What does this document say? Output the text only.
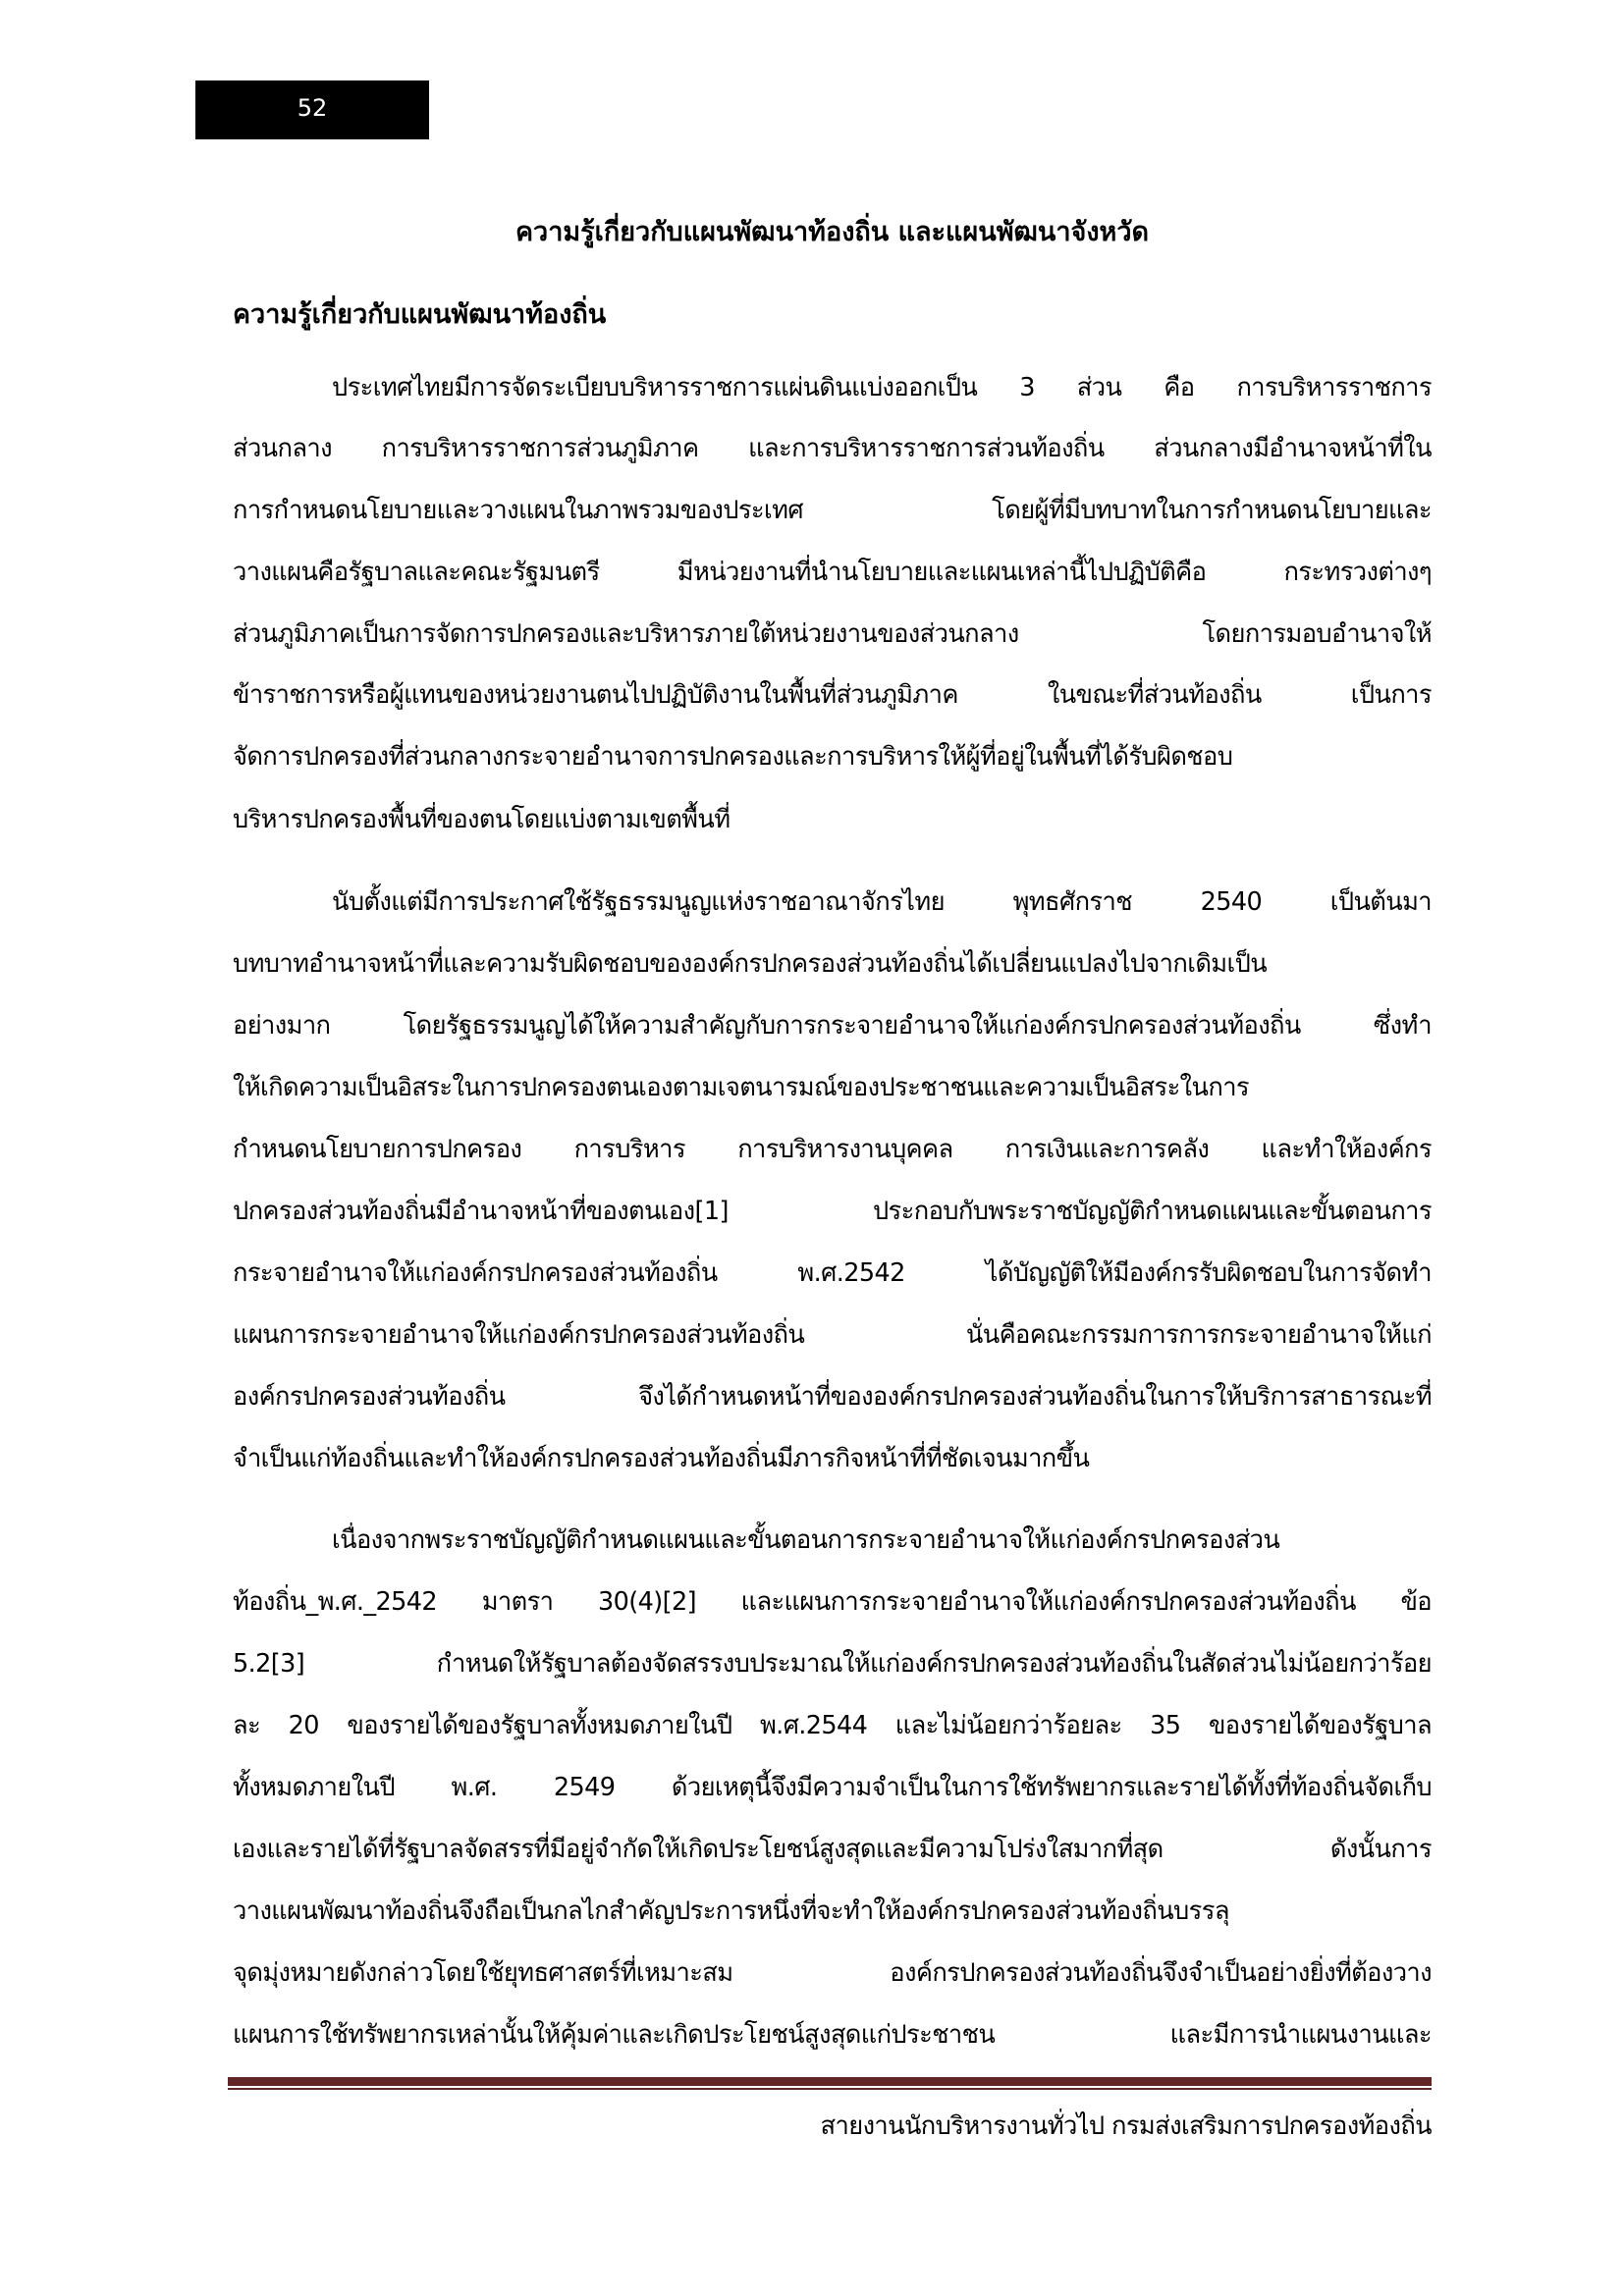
52
ความรู้เกี่ยวกับแผนพัฒนาท้องถิ่น และแผนพัฒนาจังหวัด
ความรู้เกี่ยวกับแผนพัฒนาท้องถิ่น
ประเทศไทยมีการจัดระเบียบบริหารราชการแผ่นดินแบ่งออกเป็น 3 ส่วน คือ การบริหารราชการ
ส่วนกลาง การบริหารราชการส่วนภูมิภาค และการบริหารราชการส่วนท้องถิ่น ส่วนกลางมีอำนาจหน้าที่ใน
การกำหนดนโยบายและวางแผนในภาพรวมของประเทศ โดยผู้ที่มีบทบาทในการกำหนดนโยบายและ
วางแผนคือรัฐบาลและคณะรัฐมนตรี มีหน่วยงานที่นำนโยบายและแผนเหล่านี้ไปปฏิบัติคือ กระทรวงต่างๆ
ส่วนภูมิภาคเป็นการจัดการปกครองและบริหารภายใต้หน่วยงานของส่วนกลาง โดยการมอบอำนาจให้
ข้าราชการหรือผู้แทนของหน่วยงานตนไปปฏิบัติงานในพื้นที่ส่วนภูมิภาค ในขณะที่ส่วนท้องถิ่น เป็นการ
จัดการปกครองที่ส่วนกลางกระจายอำนาจการปกครองและการบริหารให้ผู้ที่อยู่ในพื้นที่ได้รับผิดชอบ
บริหารปกครองพื้นที่ของตนโดยแบ่งตามเขตพื้นที่
นับตั้งแต่มีการประกาศใช้รัฐธรรมนูญแห่งราชอาณาจักรไทย พุทธศักราช 2540 เป็นต้นมา
บทบาทอำนาจหน้าที่และความรับผิดชอบขององค์กรปกครองส่วนท้องถิ่นได้เปลี่ยนแปลงไปจากเดิมเป็น
อย่างมาก โดยรัฐธรรมนูญได้ให้ความสำคัญกับการกระจายอำนาจให้แก่องค์กรปกครองส่วนท้องถิ่น ซึ่งทำ
ให้เกิดความเป็นอิสระในการปกครองตนเองตามเจตนารมณ์ของประชาชนและความเป็นอิสระในการ
กำหนดนโยบายการปกครอง การบริหาร การบริหารงานบุคคล การเงินและการคลัง และทำให้องค์กร
ปกครองส่วนท้องถิ่นมีอำนาจหน้าที่ของตนเอง[1] ประกอบกับพระราชบัญญัติกำหนดแผนและขั้นตอนการ
กระจายอำนาจให้แก่องค์กรปกครองส่วนท้องถิ่น พ.ศ.2542 ได้บัญญัติให้มีองค์กรรับผิดชอบในการจัดทำ
แผนการกระจายอำนาจให้แก่องค์กรปกครองส่วนท้องถิ่น นั่นคือคณะกรรมการการกระจายอำนาจให้แก่
องค์กรปกครองส่วนท้องถิ่น จึงได้กำหนดหน้าที่ขององค์กรปกครองส่วนท้องถิ่นในการให้บริการสาธารณะที่
จำเป็นแก่ท้องถิ่นและทำให้องค์กรปกครองส่วนท้องถิ่นมีภารกิจหน้าที่ที่ชัดเจนมากขึ้น
เนื่องจากพระราชบัญญัติกำหนดแผนและขั้นตอนการกระจายอำนาจให้แก่องค์กรปกครองส่วน
ท้องถิ่น_พ.ศ._2542 มาตรา 30(4)[2] และแผนการกระจายอำนาจให้แก่องค์กรปกครองส่วนท้องถิ่น ข้อ
5.2[3] กำหนดให้รัฐบาลต้องจัดสรรงบประมาณให้แก่องค์กรปกครองส่วนท้องถิ่นในสัดส่วนไม่น้อยกว่าร้อย
ละ 20 ของรายได้ของรัฐบาลทั้งหมดภายในปี พ.ศ.2544 และไม่น้อยกว่าร้อยละ 35 ของรายได้ของรัฐบาล
ทั้งหมดภายในปี พ.ศ. 2549 ด้วยเหตุนี้จึงมีความจำเป็นในการใช้ทรัพยากรและรายได้ทั้งที่ท้องถิ่นจัดเก็บ
เองและรายได้ที่รัฐบาลจัดสรรที่มีอยู่จำกัดให้เกิดประโยชน์สูงสุดและมีความโปร่งใสมากที่สุด ดังนั้นการ
วางแผนพัฒนาท้องถิ่นจึงถือเป็นกลไกสำคัญประการหนึ่งที่จะทำให้องค์กรปกครองส่วนท้องถิ่นบรรลุ
จุดมุ่งหมายดังกล่าวโดยใช้ยุทธศาสตร์ที่เหมาะสม องค์กรปกครองส่วนท้องถิ่นจึงจำเป็นอย่างยิ่งที่ต้องวาง
แผนการใช้ทรัพยากรเหล่านั้นให้คุ้มค่าและเกิดประโยชน์สูงสุดแก่ประชาชน และมีการนำแผนงานและ
สายงานนักบริหารงานทั่วไป กรมส่งเสริมการปกครองท้องถิ่น
